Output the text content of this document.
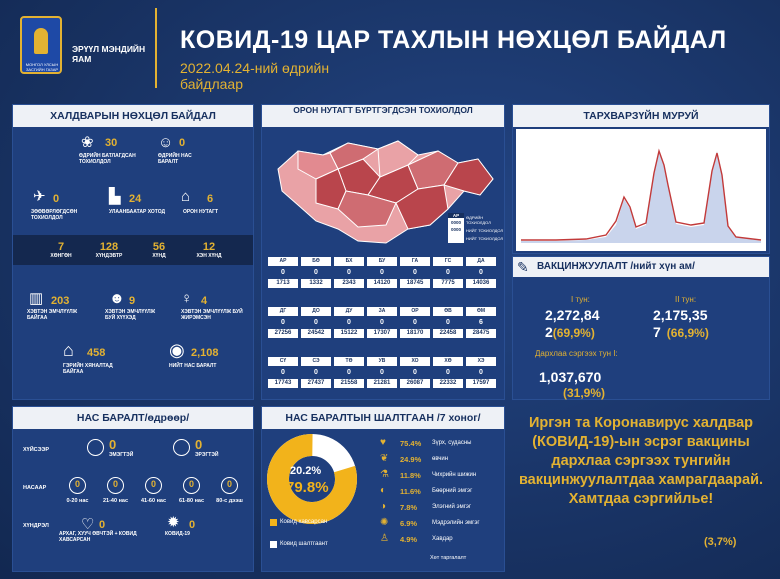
МОНГОЛ УЛСЫН ЗАСГИЙН ГАЗАР
ЭРҮҮЛ МЭНДИЙН ЯАМ
КОВИД-19 ЦАР ТАХЛЫН НӨХЦӨЛ БАЙДАЛ
2022.04.24-ний өдрийн байдлаар
ХАЛДВАРЫН НӨХЦӨЛ БАЙДАЛ
❀ 30
ӨДРИЙН БАТЛАГДСАН ТОХИОЛДОЛ
☺ 0
ӨДРИЙН НАС БАРАЛТ
✈ 0
ЗӨӨВӨРЛӨГДСӨН ТОХИОЛДОЛ
▙ 24
УЛААНБААТАР ХОТОД
⌂ 6
ОРОН НУТАГТ
7
ХӨНГӨН
128
ХҮНДЭВТР
56
ХҮНД
12
ХЭН ХҮНД
▥ 203
ХЭВТЭН ЭМЧЛҮҮЛЖ БАЙГАА
☻ 9
ХЭВТЭН ЭМЧЛҮҮЛЖ БУЙ ХҮҮХЭД
♀ 4
ХЭВТЭН ЭМЧЛҮҮЛЖ БУЙ ЖИРЭМСЭН
⌂ 458
ГЭРИЙН ХЯНАЛТАД БАЙГАА
◉ 2,108
НИЙТ НАС БАРАЛТ
ОРОН НУТАГТ БҮРТГЭГДСЭН ТОХИОЛДОЛ
АР
0000
0000
ӨДРИЙН ТОХИОЛДОЛ
НИЙТ ТОХИОЛДОЛ
НИЙТ ТОХИОЛДОЛ
АР
0
1713
БӨ
0
1332
БХ
0
2343
БУ
0
14120
ГА
0
18745
ГС
0
7775
ДА
0
14036
ДГ
0
27256
ДО
0
24542
ДУ
0
15122
ЗА
0
17307
ОР
0
18170
ӨВ
0
22458
ӨМ
6
28475
СҮ
0
17743
СЭ
0
27437
ТӨ
0
21558
УВ
0
21281
ХО
0
26087
ХӨ
0
22332
ХЭ
0
17597
ТАРХВАРЗҮЙН МУРУЙ
✎ ВАКЦИНЖУУЛАЛТ /нийт хүн ам/
I тун:
2,272,84
2(69,9%)
II тун:
2,175,35
7 (66,9%)
Дархлаа сэргээх тун I:
1,037,670
(31,9%)
НАС БАРАЛТ/өдрөөр/
ХҮЙСЭЭР	0
ЭМЭГТЭЙ
0
ЭРЭГТЭЙ
НАСААР	0
0-20 нас
0
21-40 нас
0
41-60 нас
0
61-80 нас
0
80-с дээш
ХҮНДРЭЛ ♡ 0
АРХАГ, ХУУЧ ӨВЧТЭЙ + КОВИД ХАВСАРСАН
✹ 0
КОВИД-19
НАС БАРАЛТЫН ШАЛТГААН /7 хоног/
20.2%
79.8%
Ковид хавсарсан
Ковид шалтгаант
♥ 75.4% Зүрх, судасны
❦ 24.9% өвчин
⚗ 11.8% Чихрийн шижин
◐ 11.6% Бөөрний эмгэг
◑ 7.8% Элэгний эмгэг
✺ 6.9% Мэдрэлийн эмгэг
♙ 4.9% Хавдар
Хөт таргалалт
Иргэн та Коронавирус халдвар (КОВИД-19)-ын эсрэг вакцины дархлаа сэргээх тунгийн вакцинжуулалтдаа хамрагдаарай. Хамтдаа сэргийлье!
(3,7%)
